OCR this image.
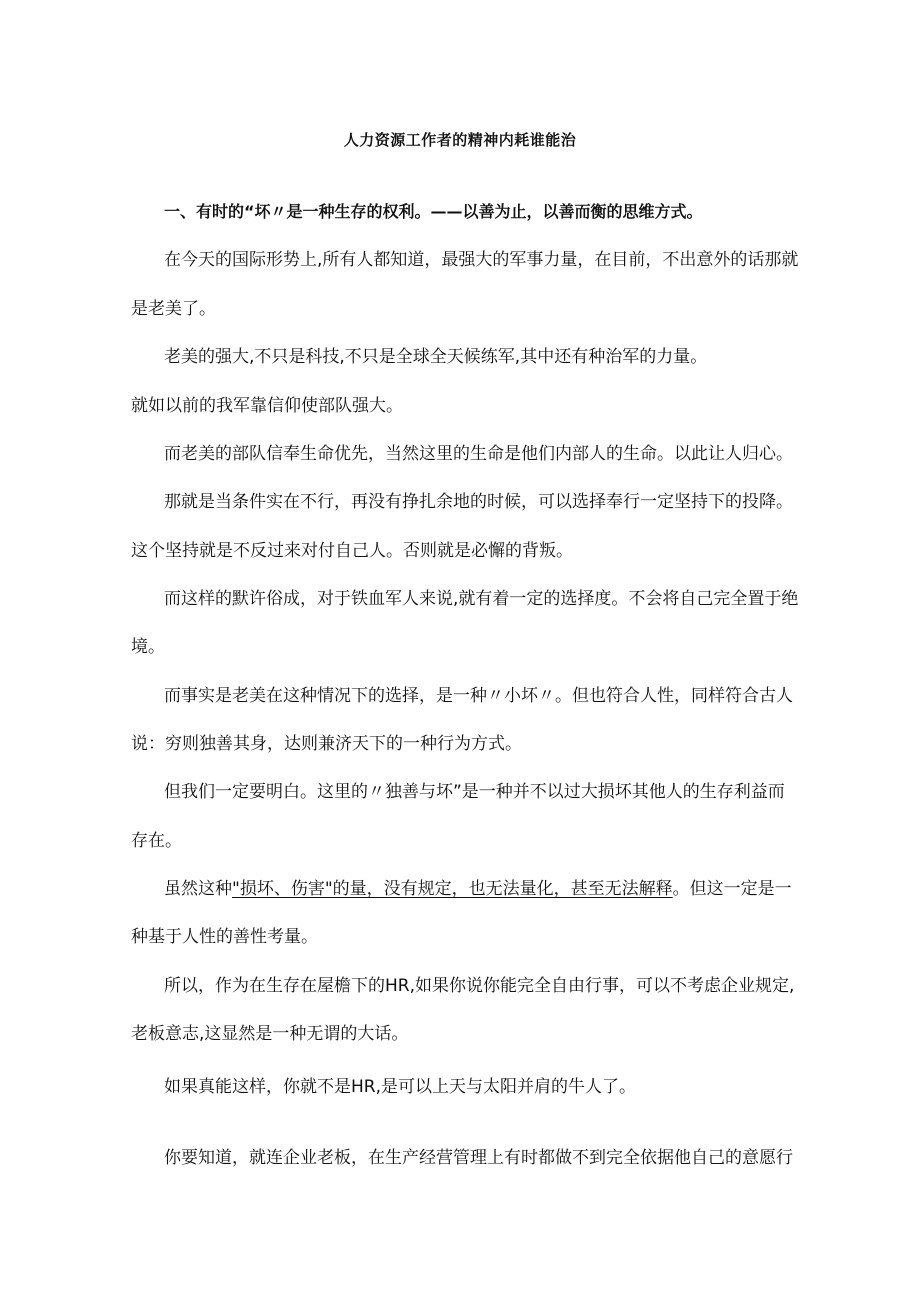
人力资源工作者的精神内耗谁能治
一、有时的“坏〃是一种生存的权利。——以善为止，以善而衡的思维方式。
在今天的国际形势上,所有人都知道，最强大的军事力量，在目前，不出意外的话那就
是老美了。
老美的强大,不只是科技,不只是全球全天候练军,其中还有种治军的力量。
就如以前的我军靠信仰使部队强大。
而老美的部队信奉生命优先，当然这里的生命是他们内部人的生命。以此让人归心。
那就是当条件实在不行，再没有挣扎余地的时候，可以选择奉行一定坚持下的投降。
这个坚持就是不反过来对付自己人。否则就是必懈的背叛。
而这样的默许俗成，对于铁血军人来说,就有着一定的选择度。不会将自己完全置于绝
境。
而事实是老美在这种情况下的选择，是一种〃小坏〃。但也符合人性，同样符合古人
说：穷则独善其身，达则兼济天下的一种行为方式。
但我们一定要明白。这里的〃独善与坏”是一种并不以过大损坏其他人的生存利益而
存在。
虽然这种"损坏、伤害"的量，没有规定，也无法量化，甚至无法解释。但这一定是一
种基于人性的善性考量。
所以，作为在生存在屋檐下的HR,如果你说你能完全自由行事，可以不考虑企业规定,
老板意志,这显然是一种无谓的大话。
如果真能这样，你就不是HR,是可以上天与太阳并肩的牛人了。
你要知道，就连企业老板，在生产经营管理上有时都做不到完全依据他自己的意愿行
